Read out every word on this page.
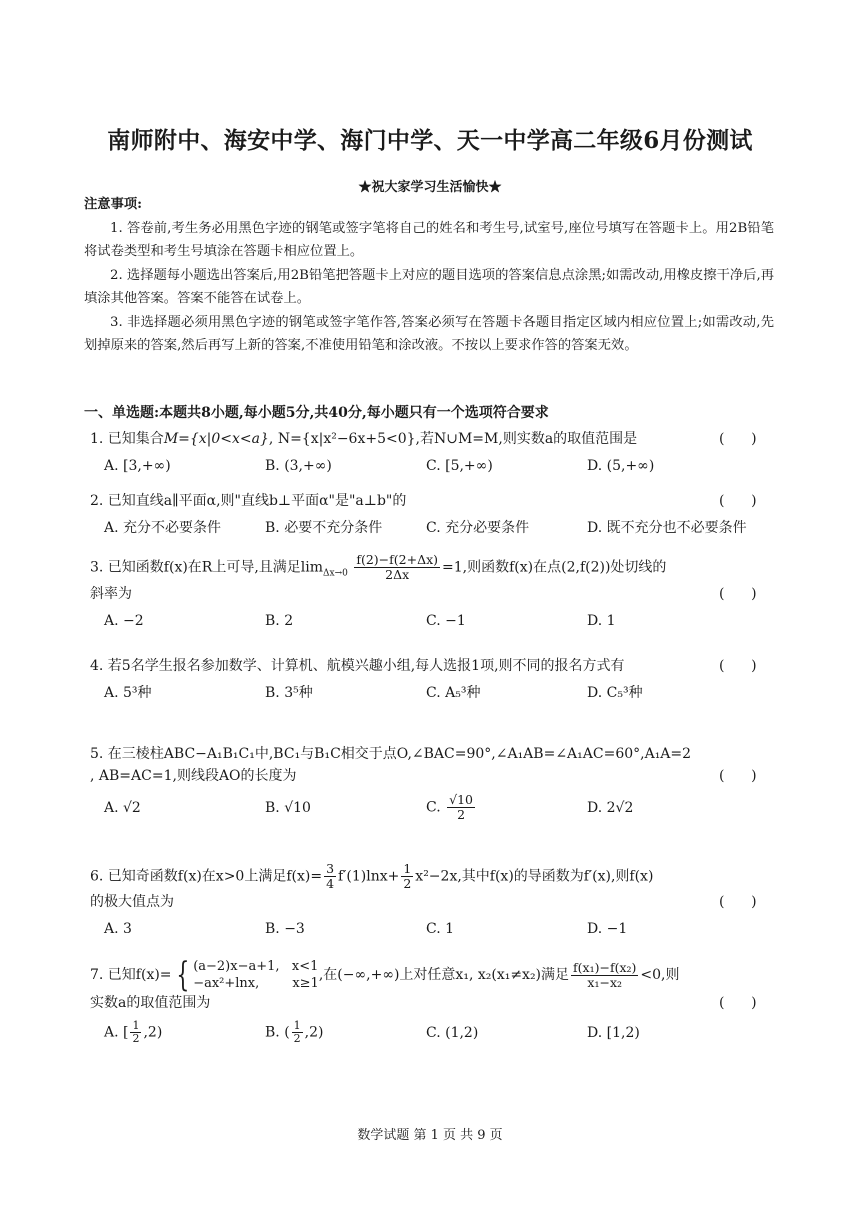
南师附中、海安中学、海门中学、天一中学高二年级6月份测试
★祝大家学习生活愉快★
注意事项:
1. 答卷前,考生务必用黑色字迹的钢笔或签字笔将自己的姓名和考生号,试室号,座位号填写在答题卡上。用2B铅笔将试卷类型和考生号填涂在答题卡相应位置上。
2. 选择题每小题选出答案后,用2B铅笔把答题卡上对应的题目选项的答案信息点涂黑;如需改动,用橡皮擦干净后,再填涂其他答案。答案不能答在试卷上。
3. 非选择题必须用黑色字迹的钢笔或签字笔作答,答案必须写在答题卡各题目指定区域内相应位置上;如需改动,先划掉原来的答案,然后再写上新的答案,不准使用铅笔和涂改液。不按以上要求作答的答案无效。
一、单选题:本题共8小题,每小题5分,共40分,每小题只有一个选项符合要求
1. 已知集合M={x|0<x<a}, N={x|x²−6x+5<0},若N∪M=M,则实数a的取值范围是	(      )
A. [3,+∞)	B. (3,+∞)	C. [5,+∞)	D. (5,+∞)
2. 已知直线a∥平面α,则"直线b⊥平面α"是"a⊥b"的	(      )
A. 充分不必要条件	B. 必要不充分条件	C. 充分必要条件	D. 既不充分也不必要条件
3. 已知函数f(x)在R上可导,且满足$\lim_{\Delta x\to 0} \frac{f(2)-f(2+\Delta x)}{2\Delta x} =1$,则函数f(x)在点(2,f(2))处切线的
斜率为	(      )
A. −2	B. 2	C. −1	D. 1
4. 若5名学生报名参加数学、计算机、航模兴趣小组,每人选报1项,则不同的报名方式有	(      )
A. 5³种	B. 3⁵种	C. A₅³种	D. C₅³种
5. 在三棱柱ABC−A₁B₁C₁中,BC₁与B₁C相交于点O,∠BAC=90°,∠A₁AB=∠A₁AC=60°,A₁A=2
, AB=AC=1,则线段AO的长度为	(      )
A. √2	B. √10	C. $\frac{√10}{2}$	D. 2√2
6. 已知奇函数f(x)在x>0上满足$f(x)= \frac{3}{4} f'(1)\ln x+ \frac{1}{2} x^2-2x$,其中f(x)的导函数为f′(x),则f(x)
的极大值点为	(      )
A. 3	B. −3	C. 1	D. −1
7. 已知f(x)= { (a−2)x−a+1,   x<1
−ax²+lnx,        x≥1
,在(−∞,+∞)上对任意x₁, x₂(x₁≠x₂)满足 $\frac{\text{f(x₁)−f(x₂)}}{\text{x₁−x₂}} <0$,则
实数a的取值范围为	(      )
A. [ $\frac{1}{2} ,2$)	B. ( $\frac{1}{2} ,2$)	C. (1,2)	D. [1,2)
数学试题 第 1 页 共 9 页
